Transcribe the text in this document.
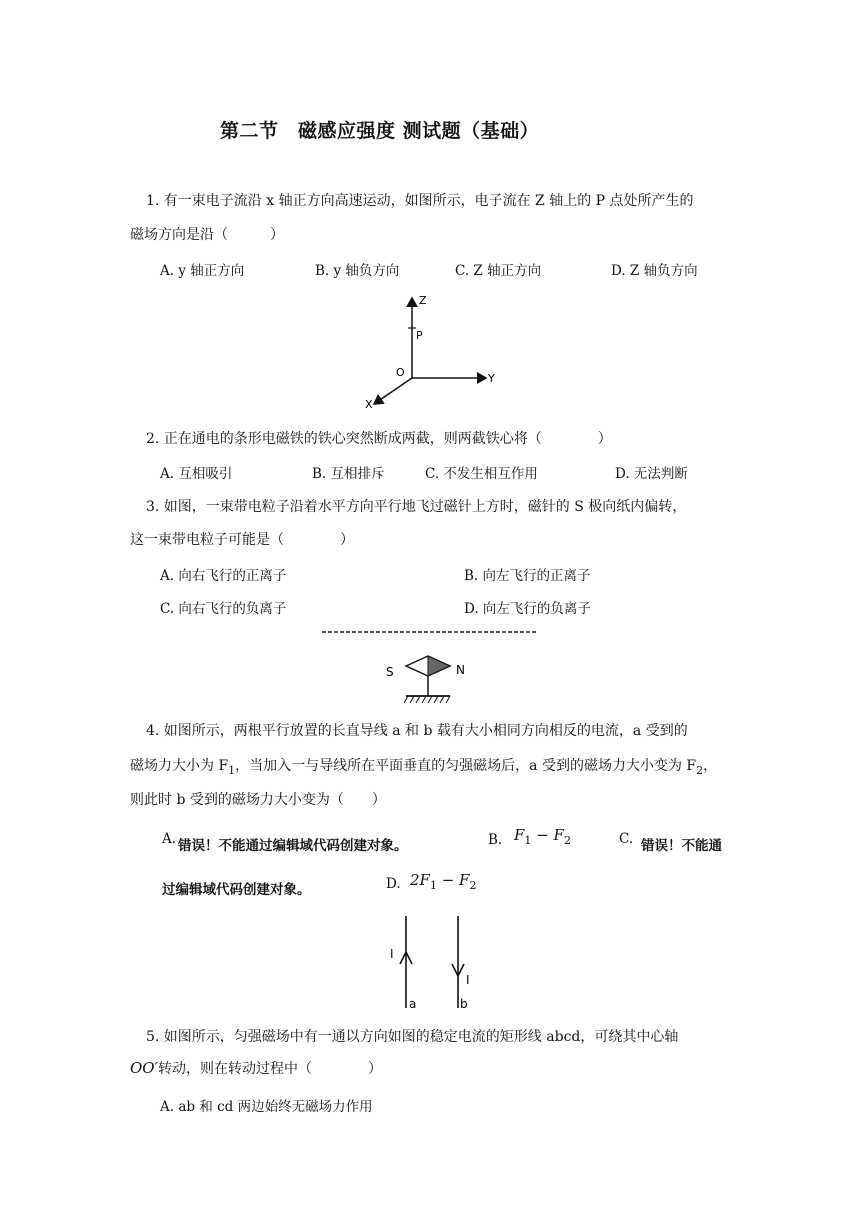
第二节　磁感应强度 测试题（基础）
1. 有一束电子流沿 x 轴正方向高速运动，如图所示，电子流在 Z 轴上的 P 点处所产生的
磁场方向是沿（　　　）
A. y 轴正方向	B. y 轴负方向	C. Z 轴正方向	D. Z 轴负方向
Z
P
O	Y
X
2. 正在通电的条形电磁铁的铁心突然断成两截，则两截铁心将（　　　　）
A. 互相吸引	B. 互相排斥	C. 不发生相互作用	D. 无法判断
3. 如图，一束带电粒子沿着水平方向平行地飞过磁针上方时，磁针的 S 极向纸内偏转，
这一束带电粒子可能是（　　　　）
A. 向右飞行的正离子	B. 向左飞行的正离子
C. 向右飞行的负离子	D. 向左飞行的负离子
S	N
4. 如图所示，两根平行放置的长直导线 a 和 b 载有大小相同方向相反的电流，a 受到的
磁场力大小为 $F_1$，当加入一与导线所在平面垂直的匀强磁场后，a 受到的磁场力大小变为 $F_2$，
则此时 b 受到的磁场力大小变为（　　）
A. 错误！不能通过编辑域代码创建对象。	B. $F_1 - F_2$	C. 错误！不能通
过编辑域代码创建对象。	D. $2F_1 - F_2$
I
I
a	b
5. 如图所示，匀强磁场中有一通以方向如图的稳定电流的矩形线 abcd，可绕其中心轴
OO′转动，则在转动过程中（　　　　）
A. ab 和 cd 两边始终无磁场力作用
